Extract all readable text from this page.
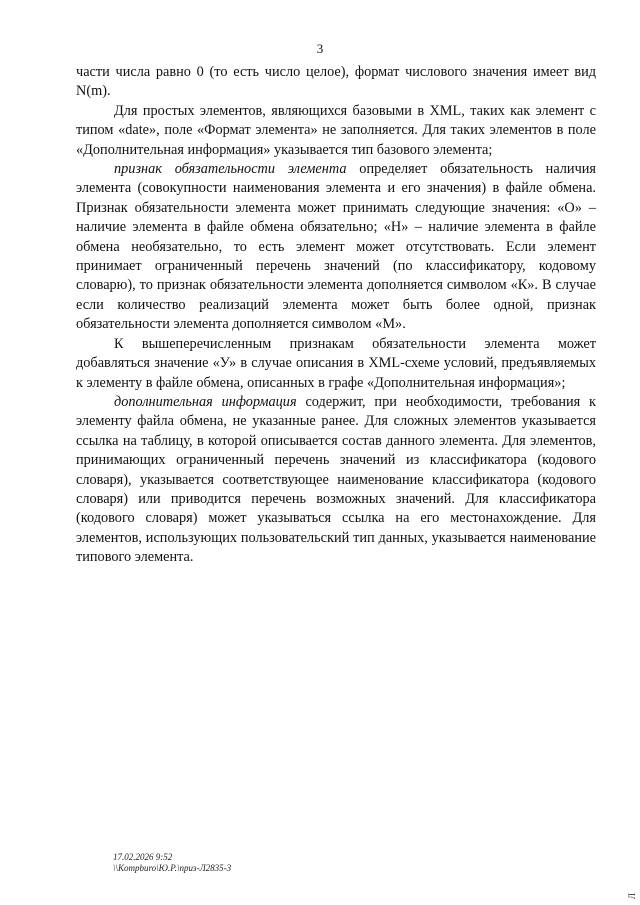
3

части числа равно 0 (то есть число целое), формат числового значения имеет вид N(m).

Для простых элементов, являющихся базовыми в XML, таких как элемент с типом «date», поле «Формат элемента» не заполняется. Для таких элементов в поле «Дополнительная информация» указывается тип базового элемента;

признак обязательности элемента определяет обязательность наличия элемента (совокупности наименования элемента и его значения) в файле обмена. Признак обязательности элемента может принимать следующие значения: «О» – наличие элемента в файле обмена обязательно; «Н» – наличие элемента в файле обмена необязательно, то есть элемент может отсутствовать. Если элемент принимает ограниченный перечень значений (по классификатору, кодовому словарю), то признак обязательности элемента дополняется символом «К». В случае если количество реализаций элемента может быть более одной, признак обязательности элемента дополняется символом «М».

К вышеперечисленным признакам обязательности элемента может добавляться значение «У» в случае описания в XML-схеме условий, предъявляемых к элементу в файле обмена, описанных в графе «Дополнительная информация»;

дополнительная информация содержит, при необходимости, требования к элементу файла обмена, не указанные ранее. Для сложных элементов указывается ссылка на таблицу, в которой описывается состав данного элемента. Для элементов, принимающих ограниченный перечень значений из классификатора (кодового словаря), указывается соответствующее наименование классификатора (кодового словаря) или приводится перечень возможных значений. Для классификатора (кодового словаря) может указываться ссылка на его местонахождение. Для элементов, использующих пользовательский тип данных, указывается наименование типового элемента.

17.02.2026 9:52
\\Kompburo\Ю.Р.\приз-Л2835-3
Л
